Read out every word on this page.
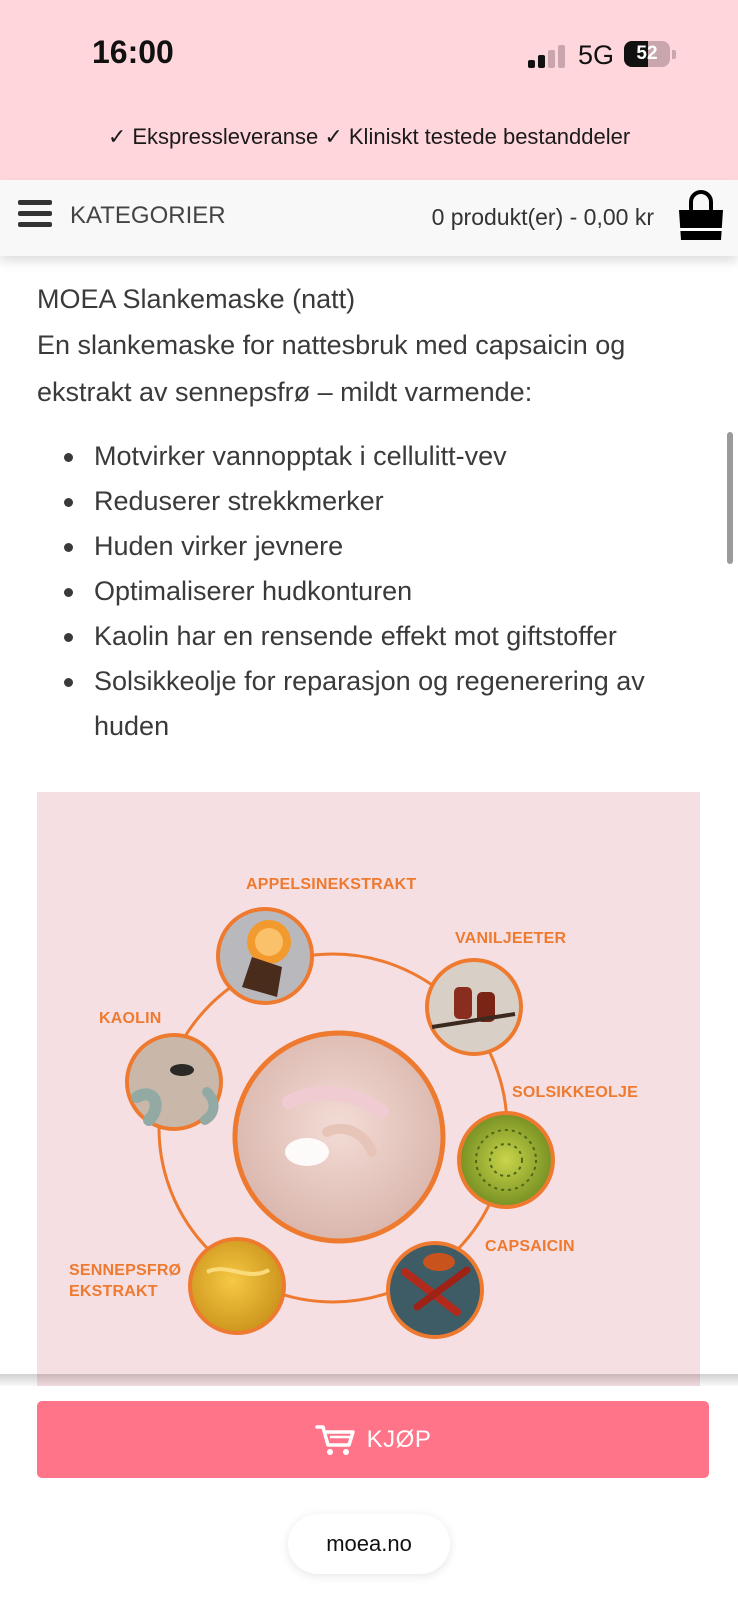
16:00	5G	52
✓ Ekspressleveranse ✓ Kliniskt testede bestanddeler
KATEGORIER	0 produkt(er) - 0,00 kr
MOEA Slankemaske (natt)
En slankemaske for nattesbruk med capsaicin og ekstrakt av sennepsfrø – mildt varmende:
Motvirker vannopptak i cellulitt-vev
Reduserer strekkmerker
Huden virker jevnere
Optimaliserer hudkonturen
Kaolin har en rensende effekt mot giftstoffer
Solsikkeolje for reparasjon og regenerering av huden
APPELSINEKSTRAKT
VANILJEETER
KAOLIN
SOLSIKKEOLJE
SENNEPSFRØ EKSTRAKT
CAPSAICIN
KJØP
moea.no
